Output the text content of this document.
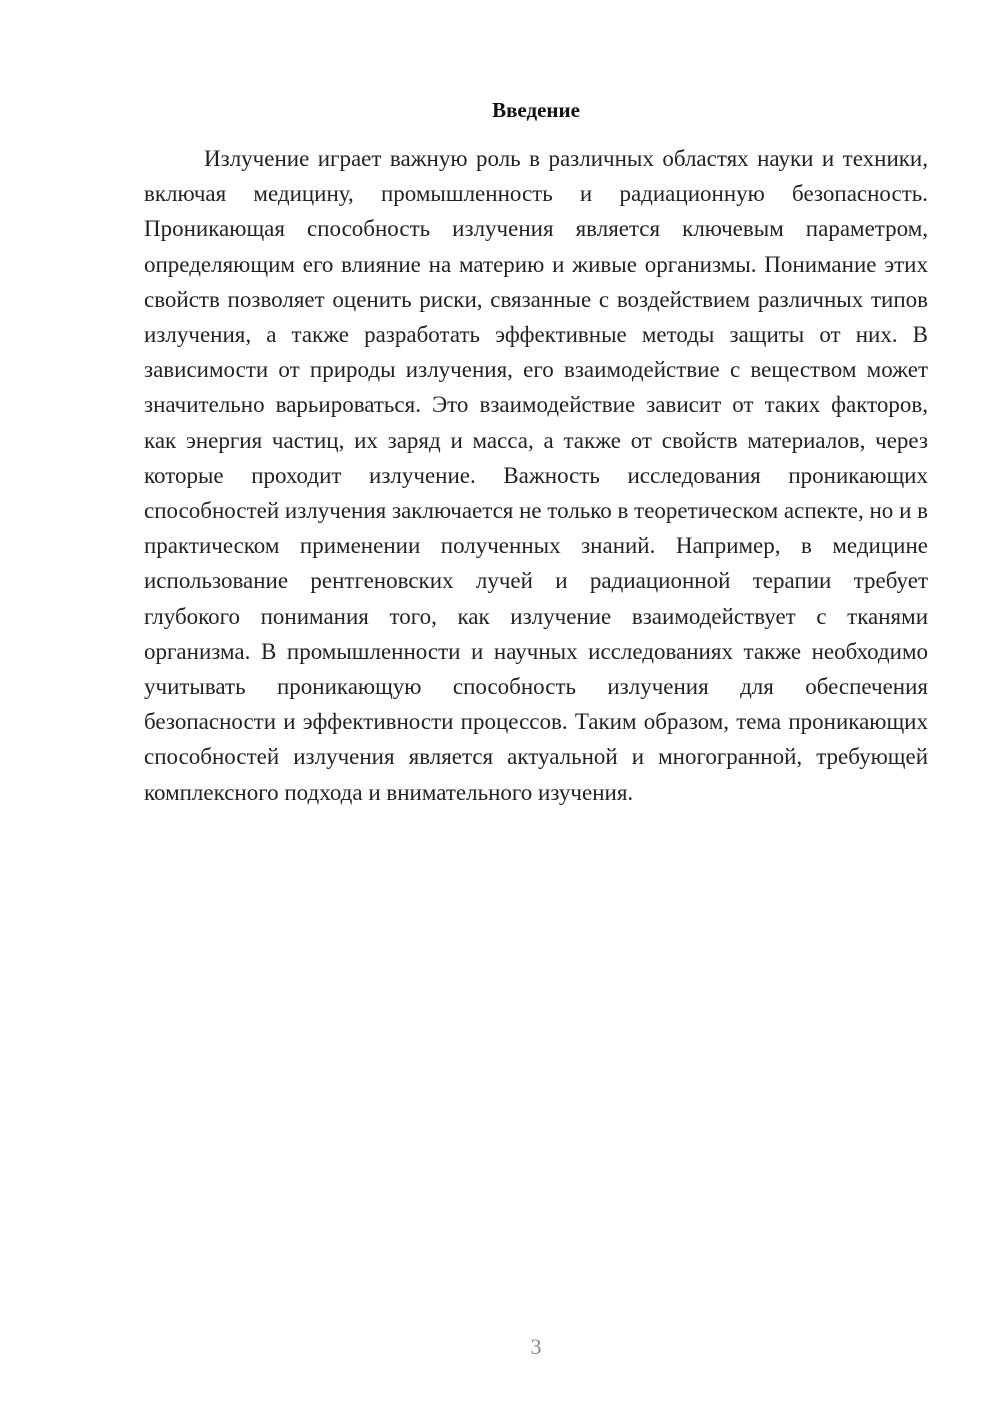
Введение

Излучение играет важную роль в различных областях науки и техники, включая медицину, промышленность и радиационную безопасность. Проникающая способность излучения является ключевым параметром, определяющим его влияние на материю и живые организмы. Понимание этих свойств позволяет оценить риски, связанные с воздействием различных типов излучения, а также разработать эффективные методы защиты от них. В зависимости от природы излучения, его взаимодействие с веществом может значительно варьироваться. Это взаимодействие зависит от таких факторов, как энергия частиц, их заряд и масса, а также от свойств материалов, через которые проходит излучение. Важность исследования проникающих способностей излучения заключается не только в теоретическом аспекте, но и в практическом применении полученных знаний. Например, в медицине использование рентгеновских лучей и радиационной терапии требует глубокого понимания того, как излучение взаимодействует с тканями организма. В промышленности и научных исследованиях также необходимо учитывать проникающую способность излучения для обеспечения безопасности и эффективности процессов. Таким образом, тема проникающих способностей излучения является актуальной и многогранной, требующей комплексного подхода и внимательного изучения.

3
